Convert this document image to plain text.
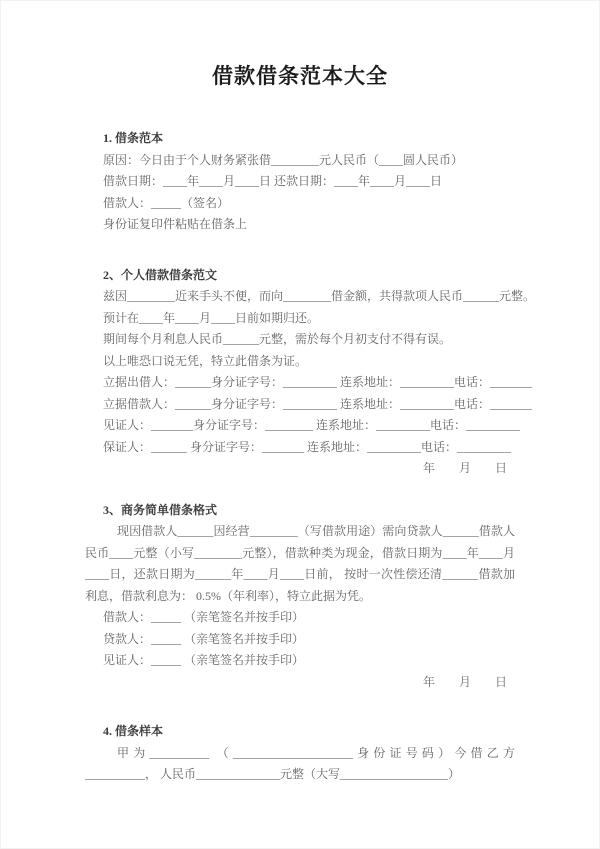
借款借条范本大全
1. 借条范本
原因：今日由于个人财务紧张借________元人民币（____圆人民币）
借款日期：____年____月____日 还款日期：____年____月____日
借款人：_____（签名）
身份证复印件粘贴在借条上
2、个人借款借条范文
兹因________近来手头不便，而向________借金额，共得款项人民币______元整。
预计在____年____月____日前如期归还。
期间每个月利息人民币______元整，需於每个月初支付不得有误。
以上唯恐口说无凭，特立此借条为证。
立据出借人：______身分证字号：_________ 连系地址：_________电话：_______
立据借款人：______身分证字号：_________ 连系地址：_________电话：_______
见证人：_______身分证字号：________ 连系地址：_________电话：_________
保证人：______ 身分证字号：_______ 连系地址：_________电话：_________
年　　月　　日
3、商务简单借条格式
现因借款人______因经营________（写借款用途）需向贷款人______借款人民币____元整（小写________元整），借款种类为现金，借款日期为____年____月____日，还款日期为______年____月____日前， 按时一次性偿还清______借款加利息，借款利息为： 0.5%（年利率），特立此据为凭。
借款人：_____ （亲笔签名并按手印）
贷款人：_____ （亲笔签名并按手印）
见证人：_____ （亲笔签名并按手印）
年　　月　　日
4. 借条样本
甲为__________ （____________________身份证号码）今借乙方__________， 人民币______________元整（大写__________________）
